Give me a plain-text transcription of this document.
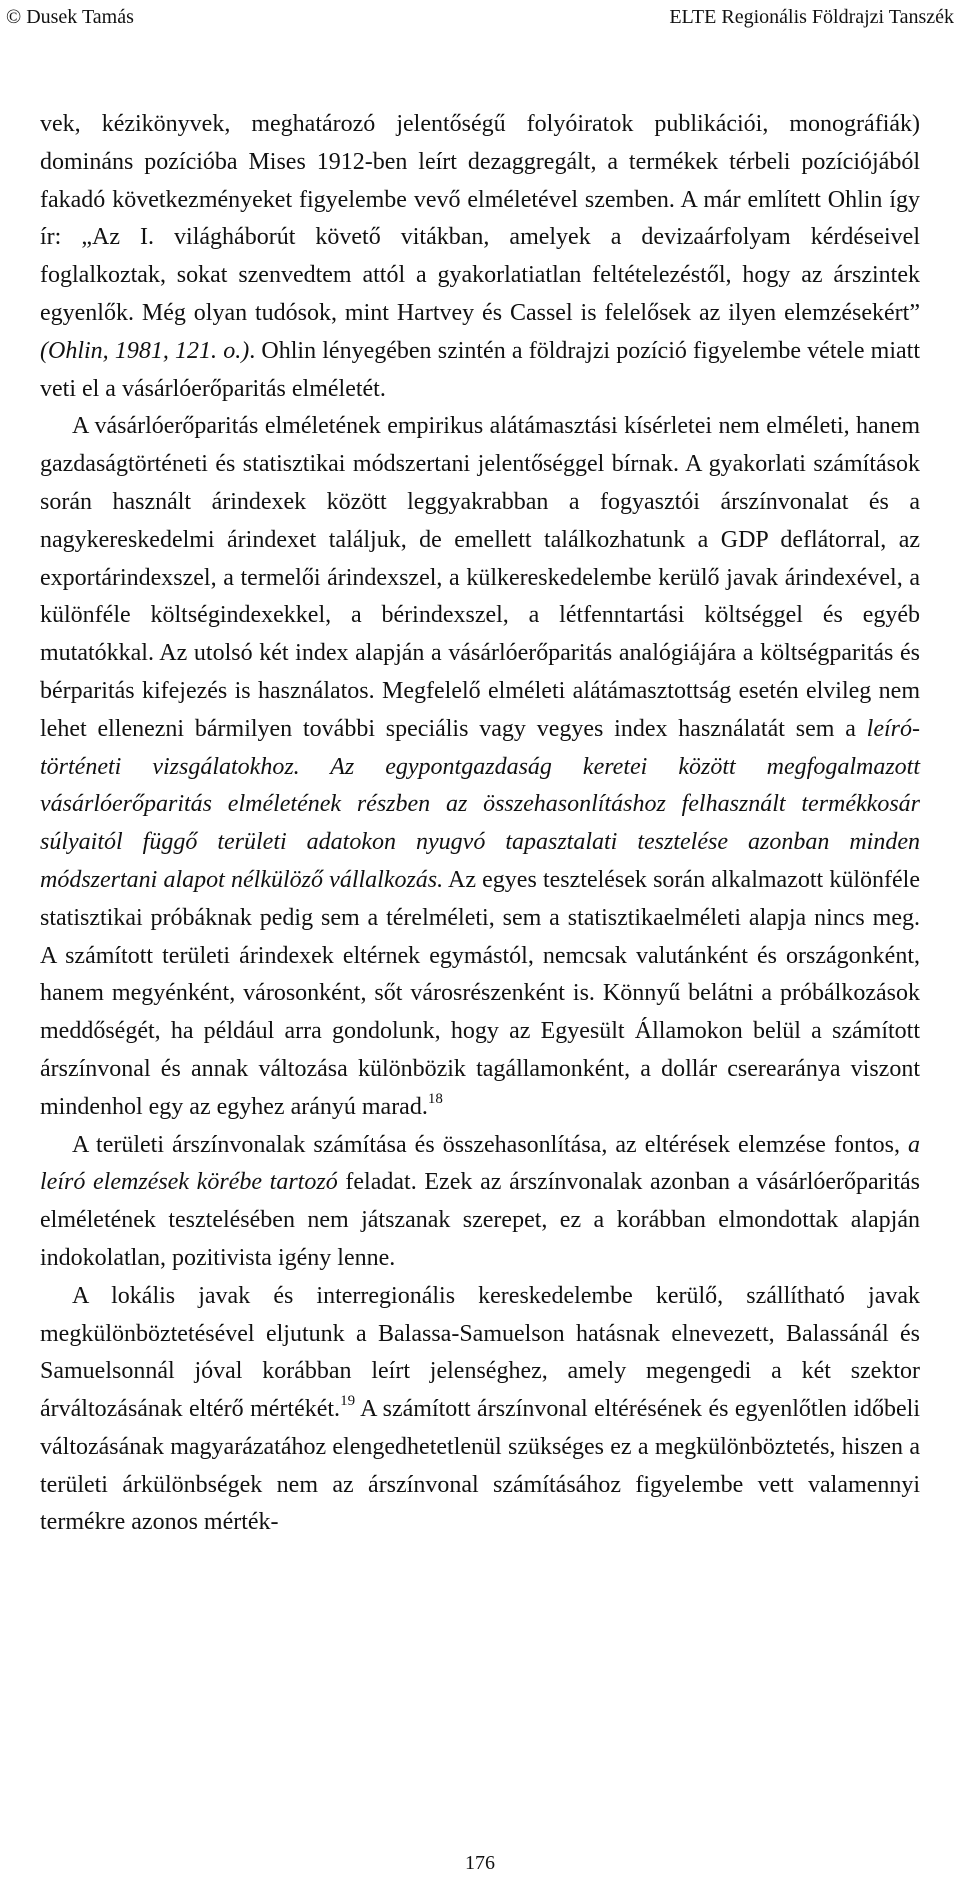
© Dusek Tamás	ELTE Regionális Földrajzi Tanszék

vek, kézikönyvek, meghatározó jelentőségű folyóiratok publikációi, monográfiák) domináns pozícióba Mises 1912-ben leírt dezaggregált, a termékek térbeli pozíciójából fakadó következményeket figyelembe vevő elméletével szemben. A már említett Ohlin így ír: „Az I. világháborút követő vitákban, amelyek a devizaárfolyam kérdéseivel foglalkoztak, sokat szenvedtem attól a gyakorlatiatlan feltételezéstől, hogy az árszintek egyenlők. Még olyan tudósok, mint Hartvey és Cassel is felelősek az ilyen elemzésekért” (Ohlin, 1981, 121. o.). Ohlin lényegében szintén a földrajzi pozíció figyelembe vétele miatt veti el a vásárlóerőparitás elméletét.

A vásárlóerőparitás elméletének empirikus alátámasztási kísérletei nem elméleti, hanem gazdaságtörténeti és statisztikai módszertani jelentőséggel bírnak. A gyakorlati számítások során használt árindexek között leggyakrabban a fogyasztói árszínvonalat és a nagykereskedelmi árindexet találjuk, de emellett találkozhatunk a GDP deflátorral, az exportárindexszel, a termelői árindexszel, a külkereskedelembe kerülő javak árindexével, a különféle költségindexekkel, a bérindexszel, a létfenntartási költséggel és egyéb mutatókkal. Az utolsó két index alapján a vásárlóerőparitás analógiájára a költségparitás és bérparitás kifejezés is használatos. Megfelelő elméleti alátámasztottság esetén elvileg nem lehet ellenezni bármilyen további speciális vagy vegyes index használatát sem a leíró-történeti vizsgálatokhoz. Az egypontgazdaság keretei között megfogalmazott vásárlóerőparitás elméletének részben az összehasonlításhoz felhasznált termékkosár súlyaitól függő területi adatokon nyugvó tapasztalati tesztelése azonban minden módszertani alapot nélkülöző vállalkozás. Az egyes tesztelések során alkalmazott különféle statisztikai próbáknak pedig sem a térelméleti, sem a statisztikaelméleti alapja nincs meg. A számított területi árindexek eltérnek egymástól, nemcsak valutánként és országonként, hanem megyénként, városonként, sőt városrészenként is. Könnyű belátni a próbálkozások meddőségét, ha például arra gondolunk, hogy az Egyesült Államokon belül a számított árszínvonal és annak változása különbözik tagállamonként, a dollár cserearánya viszont mindenhol egy az egyhez arányú marad.$^{18}$

A területi árszínvonalak számítása és összehasonlítása, az eltérések elemzése fontos, a leíró elemzések körébe tartozó feladat. Ezek az árszínvonalak azonban a vásárlóerőparitás elméletének tesztelésében nem játszanak szerepet, ez a korábban elmondottak alapján indokolatlan, pozitivista igény lenne.

A lokális javak és interregionális kereskedelembe kerülő, szállítható javak megkülönböztetésével eljutunk a Balassa-Samuelson hatásnak elnevezett, Balassánál és Samuelsonnál jóval korábban leírt jelenséghez, amely megengedi a két szektor árváltozásának eltérő mértékét.$^{19}$ A számított árszínvonal eltérésének és egyenlőtlen időbeli változásának magyarázatához elengedhetetlenül szükséges ez a megkülönböztetés, hiszen a területi árkülönbségek nem az árszínvonal számításához figyelembe vett valamennyi termékre azonos mérték-

176
